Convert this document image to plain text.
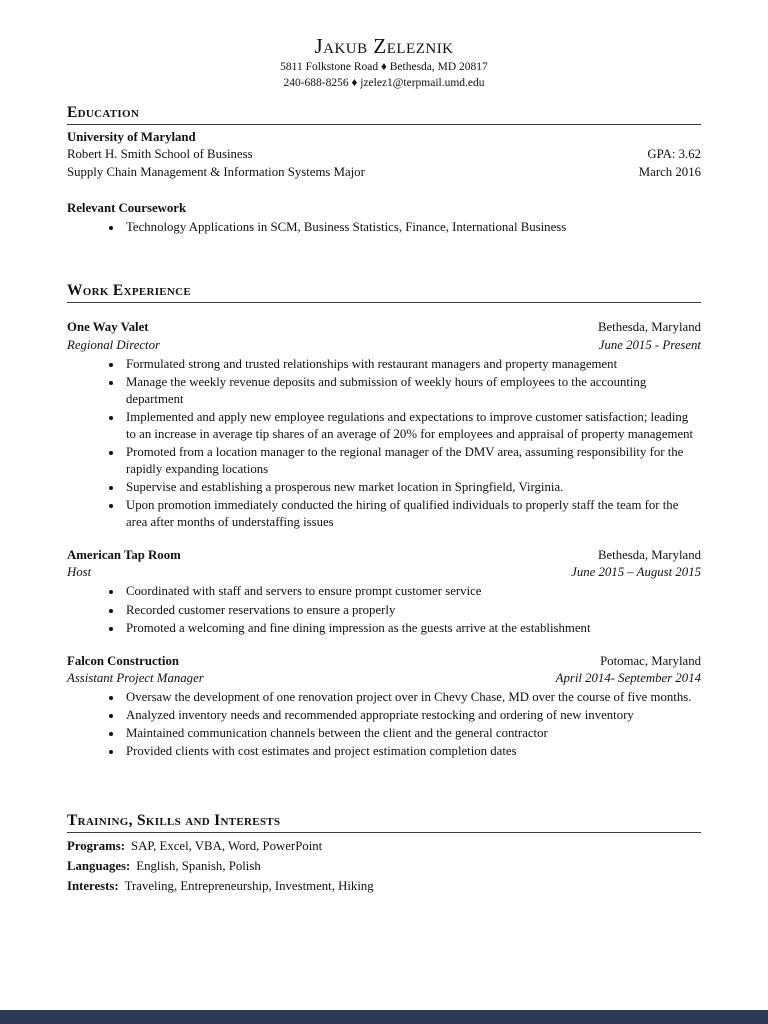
Jakub Zeleznik
5811 Folkstone Road ♦ Bethesda, MD 20817
240-688-8256 ♦ jzelez1@terpmail.umd.edu
Education
University of Maryland
Robert H. Smith School of Business	GPA: 3.62
Supply Chain Management & Information Systems Major	March 2016
Relevant Coursework
• Technology Applications in SCM, Business Statistics, Finance, International Business
Work Experience
One Way Valet	Bethesda, Maryland
Regional Director	June 2015 - Present
• Formulated strong and trusted relationships with restaurant managers and property management
• Manage the weekly revenue deposits and submission of weekly hours of employees to the accounting department
• Implemented and apply new employee regulations and expectations to improve customer satisfaction; leading to an increase in average tip shares of an average of 20% for employees and appraisal of property management
• Promoted from a location manager to the regional manager of the DMV area, assuming responsibility for the rapidly expanding locations
• Supervise and establishing a prosperous new market location in Springfield, Virginia.
• Upon promotion immediately conducted the hiring of qualified individuals to properly staff the team for the area after months of understaffing issues
American Tap Room	Bethesda, Maryland
Host	June 2015 – August 2015
• Coordinated with staff and servers to ensure prompt customer service
• Recorded customer reservations to ensure a properly
• Promoted a welcoming and fine dining impression as the guests arrive at the establishment
Falcon Construction	Potomac, Maryland
Assistant Project Manager	April 2014- September 2014
• Oversaw the development of one renovation project over in Chevy Chase, MD over the course of five months.
• Analyzed inventory needs and recommended appropriate restocking and ordering of new inventory
• Maintained communication channels between the client and the general contractor
• Provided clients with cost estimates and project estimation completion dates
Training, Skills and Interests
Programs: SAP, Excel, VBA, Word, PowerPoint
Languages: English, Spanish, Polish
Interests: Traveling, Entrepreneurship, Investment, Hiking
